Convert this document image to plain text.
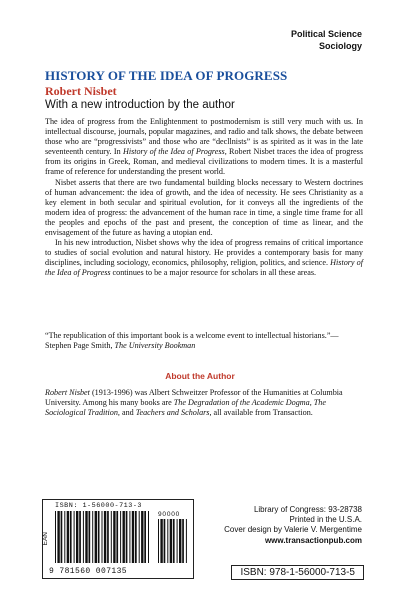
Political Science
Sociology
HISTORY OF THE IDEA OF PROGRESS
Robert Nisbet
With a new introduction by the author

The idea of progress from the Enlightenment to postmodernism is still very much with us. In intellectual discourse, journals, popular magazines, and radio and talk shows, the debate between those who are “progressivists” and those who are “decllnists” is as spirited as it was in the late seventeenth century. In History of the Idea of Progress, Robert Nisbet traces the idea of progress from its origins in Greek, Roman, and medieval civilizations to modern times. It is a masterful frame of reference for understanding the present world.

Nisbet asserts that there are two fundamental building blocks necessary to Western doctrines of human advancement: the idea of growth, and the idea of necessity. He sees Christianity as a key element in both secular and spiritual evolution, for it conveys all the ingredients of the modern idea of progress: the advancement of the human race in time, a single time frame for all the peoples and epochs of the past and present, the conception of time as linear, and the envisagement of the future as having a utopian end.

In his new introduction, Nisbet shows why the idea of progress remains of critical importance to studies of social evolution and natural history. He provides a contemporary basis for many disciplines, including sociology, economics, philosophy, religion, politics, and science. History of the Idea of Progress continues to be a major resource for scholars in all these areas.

“The republication of this important book is a welcome event to intellectual historians.”—Stephen Page Smith, The University Bookman
About the Author
Robert Nisbet (1913-1996) was Albert Schweitzer Professor of the Humanities at Columbia University. Among his many books are The Degradation of the Academic Dogma, The Sociological Tradition, and Teachers and Scholars, all available from Transaction.
ISBN: 1-56000-713-3
EAN
90000
9 781560 007135
Library of Congress: 93-28738
Printed in the U.S.A.
Cover design by Valerie V. Mergentime
www.transactionpub.com
ISBN: 978-1-56000-713-5
